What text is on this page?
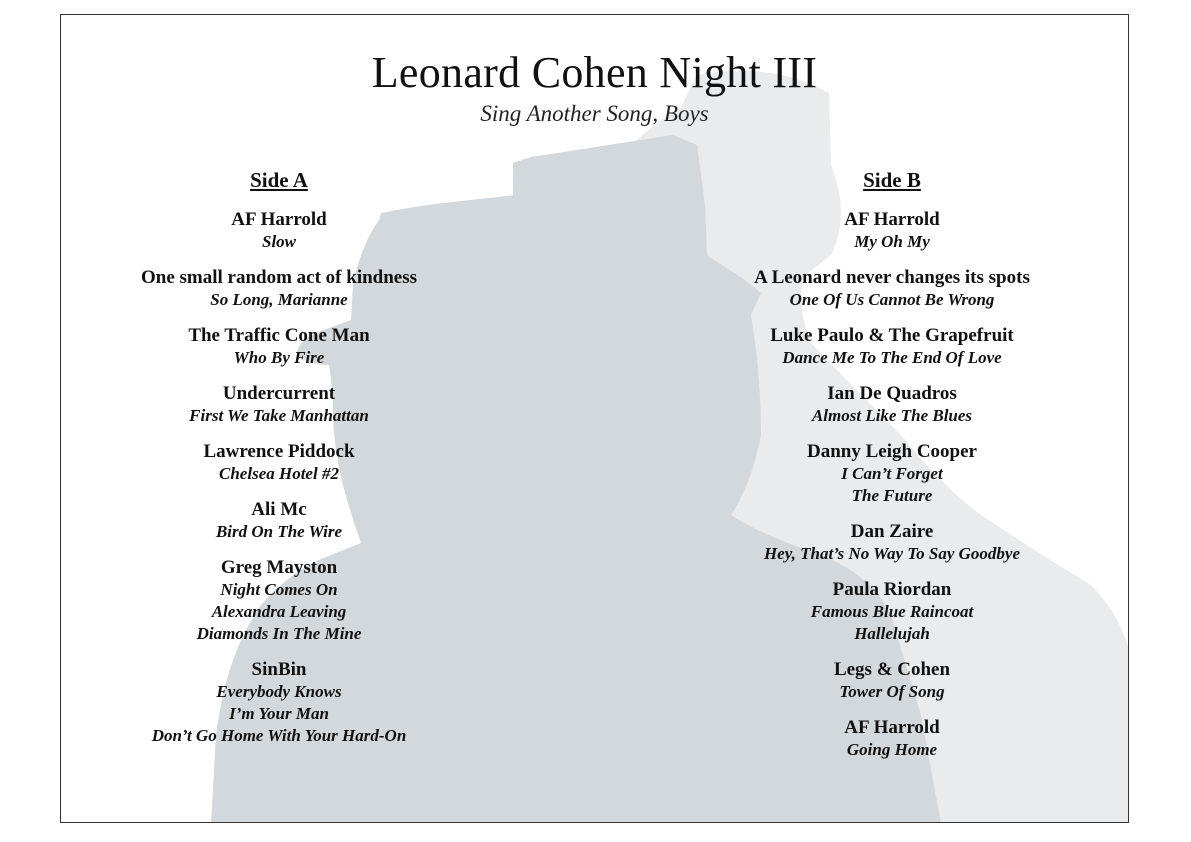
Leonard Cohen Night III
Sing Another Song, Boys
Side A
AF Harrold
Slow
One small random act of kindness
So Long, Marianne
The Traffic Cone Man
Who By Fire
Undercurrent
First We Take Manhattan
Lawrence Piddock
Chelsea Hotel #2
Ali Mc
Bird On The Wire
Greg Mayston
Night Comes On
Alexandra Leaving
Diamonds In The Mine
SinBin
Everybody Knows
I’m Your Man
Don’t Go Home With Your Hard-On
Side B
AF Harrold
My Oh My
A Leonard never changes its spots
One Of Us Cannot Be Wrong
Luke Paulo & The Grapefruit
Dance Me To The End Of Love
Ian De Quadros
Almost Like The Blues
Danny Leigh Cooper
I Can’t Forget
The Future
Dan Zaire
Hey, That’s No Way To Say Goodbye
Paula Riordan
Famous Blue Raincoat
Hallelujah
Legs & Cohen
Tower Of Song
AF Harrold
Going Home
